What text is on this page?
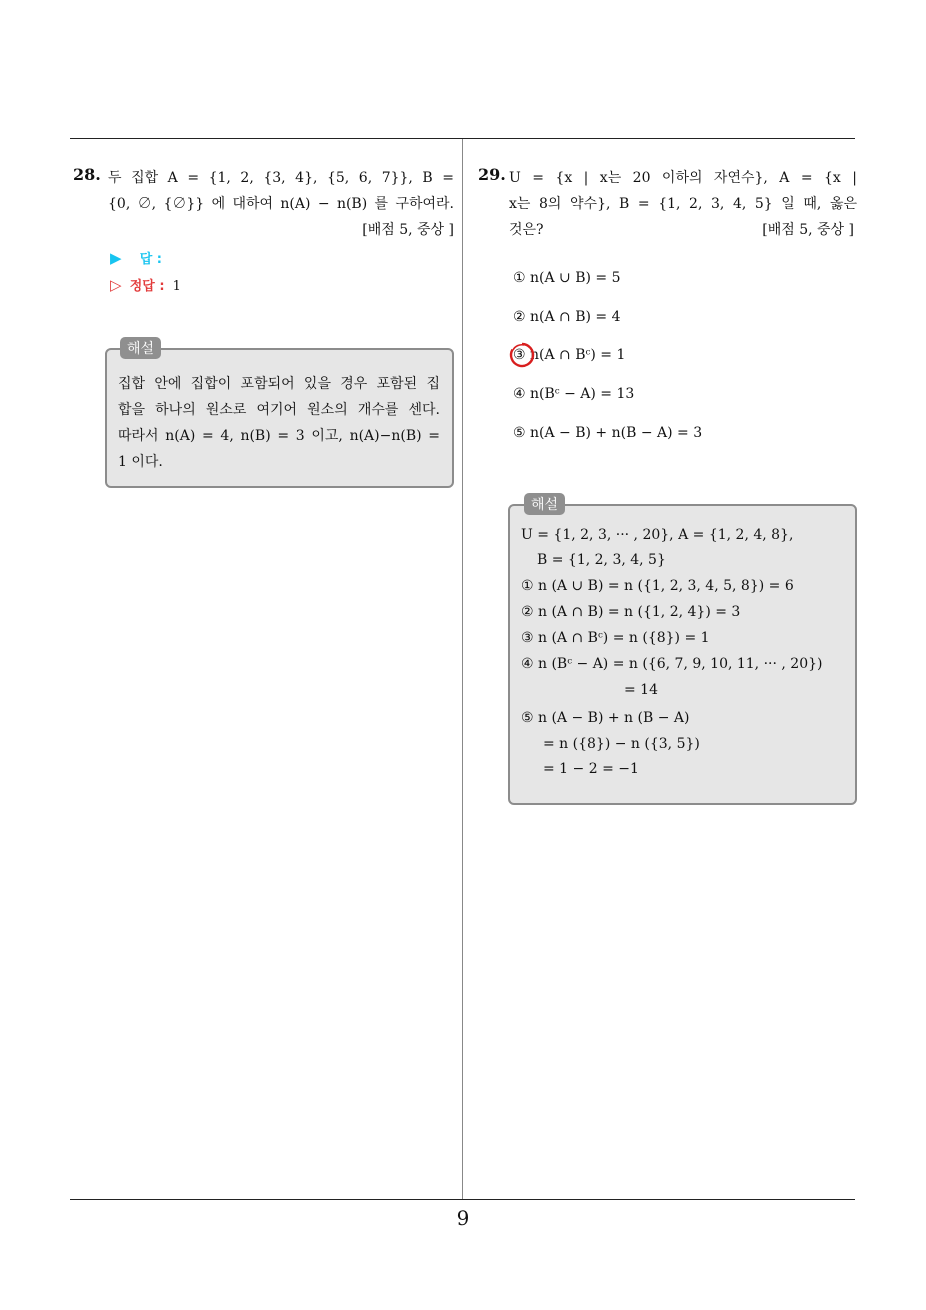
9
28. 두 집합 A = {1, 2, {3, 4}, {5, 6, 7}}, B =
{0, ∅, {∅}} 에 대하여 n(A) − n(B) 를 구하여라.
[배점 5, 중상 ]
▶ 답 :
▷ 정답 : 1
해설
집합 안에 집합이 포함되어 있을 경우 포함된 집
합을 하나의 원소로 여기어 원소의 개수를 센다.
따라서 n(A) = 4, n(B) = 3 이고, n(A)−n(B) =
1 이다.
29. U = {x | x는 20 이하의 자연수}, A = {x |
x는 8의 약수}, B = {1, 2, 3, 4, 5} 일 때, 옳은
것은?	[배점 5, 중상 ]
① n(A ∪ B) = 5
② n(A ∩ B) = 4
③ n(A ∩ Bᶜ) = 1
④ n(Bᶜ − A) = 13
⑤ n(A − B) + n(B − A) = 3
해설
U = {1, 2, 3, ··· , 20}, A = {1, 2, 4, 8},
B = {1, 2, 3, 4, 5}
① n (A ∪ B) = n ({1, 2, 3, 4, 5, 8}) = 6
② n (A ∩ B) = n ({1, 2, 4}) = 3
③ n (A ∩ Bᶜ) = n ({8}) = 1
④ n (Bᶜ − A) = n ({6, 7, 9, 10, 11, ··· , 20})
= 14
⑤ n (A − B) + n (B − A)
= n ({8}) − n ({3, 5})
= 1 − 2 = −1
